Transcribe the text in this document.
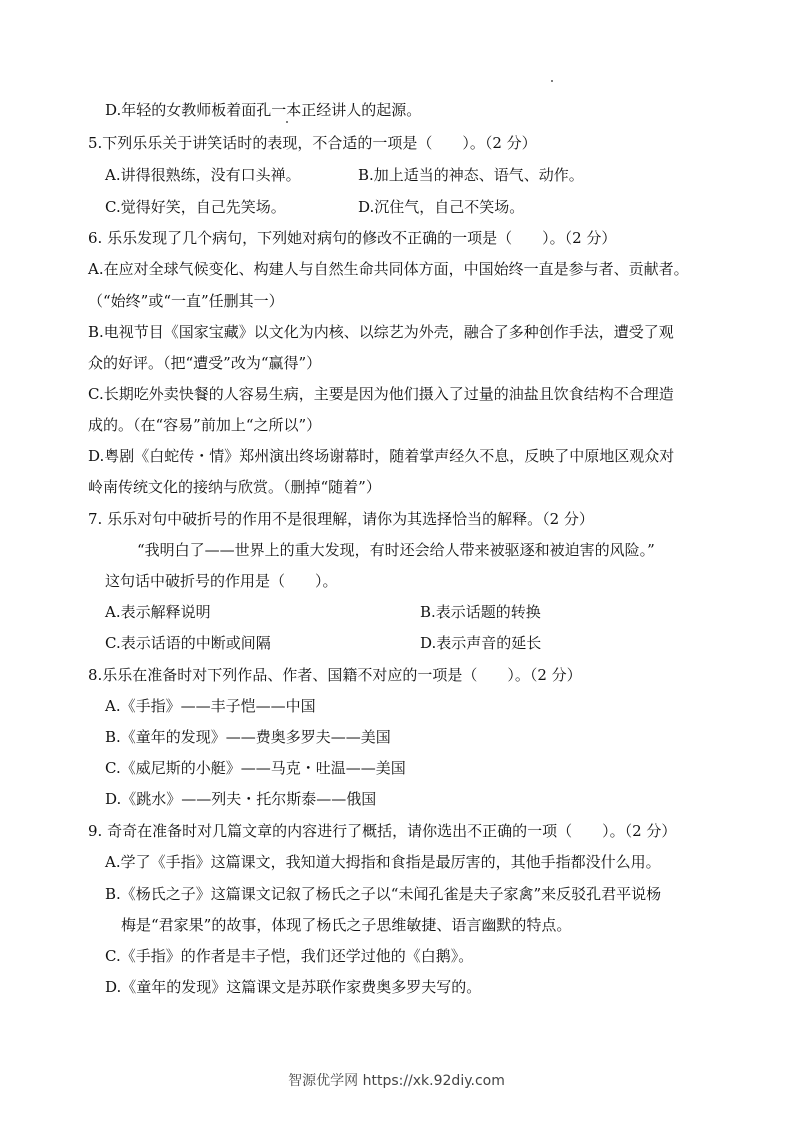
D.年轻的女教师板着面孔一本正经讲人的起源。
5.下列乐乐关于讲笑话时的表现，不合适的一项是（　　）。（2 分）
A.讲得很熟练，没有口头禅。	B.加上适当的神态、语气、动作。
C.觉得好笑，自己先笑场。	D.沉住气，自己不笑场。
6. 乐乐发现了几个病句，下列她对病句的修改不正确的一项是（　　）。（2 分）
A.在应对全球气候变化、构建人与自然生命共同体方面，中国始终一直是参与者、贡献者。
（“始终”或“一直”任删其一）
B.电视节目《国家宝藏》以文化为内核、以综艺为外壳，融合了多种创作手法，遭受了观
众的好评。（把“遭受”改为“赢得”）
C.长期吃外卖快餐的人容易生病，主要是因为他们摄入了过量的油盐且饮食结构不合理造
成的。（在“容易”前加上“之所以”）
D.粤剧《白蛇传・情》郑州演出终场谢幕时，随着掌声经久不息，反映了中原地区观众对
岭南传统文化的接纳与欣赏。（删掉“随着”）
7. 乐乐对句中破折号的作用不是很理解，请你为其选择恰当的解释。（2 分）
“我明白了——世界上的重大发现，有时还会给人带来被驱逐和被迫害的风险。”
这句话中破折号的作用是（　　）。
A.表示解释说明	B.表示话题的转换
C.表示话语的中断或间隔	D.表示声音的延长
8.乐乐在准备时对下列作品、作者、国籍不对应的一项是（　　）。（2 分）
A.《手指》——丰子恺——中国
B.《童年的发现》——费奥多罗夫——美国
C.《威尼斯的小艇》——马克・吐温——美国
D.《跳水》——列夫・托尔斯泰——俄国
9. 奇奇在准备时对几篇文章的内容进行了概括，请你选出不正确的一项（　　）。（2 分）
A.学了《手指》这篇课文，我知道大拇指和食指是最厉害的，其他手指都没什么用。
B.《杨氏之子》这篇课文记叙了杨氏之子以“未闻孔雀是夫子家禽”来反驳孔君平说杨
梅是“君家果”的故事，体现了杨氏之子思维敏捷、语言幽默的特点。
C.《手指》的作者是丰子恺，我们还学过他的《白鹅》。
D.《童年的发现》这篇课文是苏联作家费奥多罗夫写的。
智源优学网 https://xk.92diy.com
